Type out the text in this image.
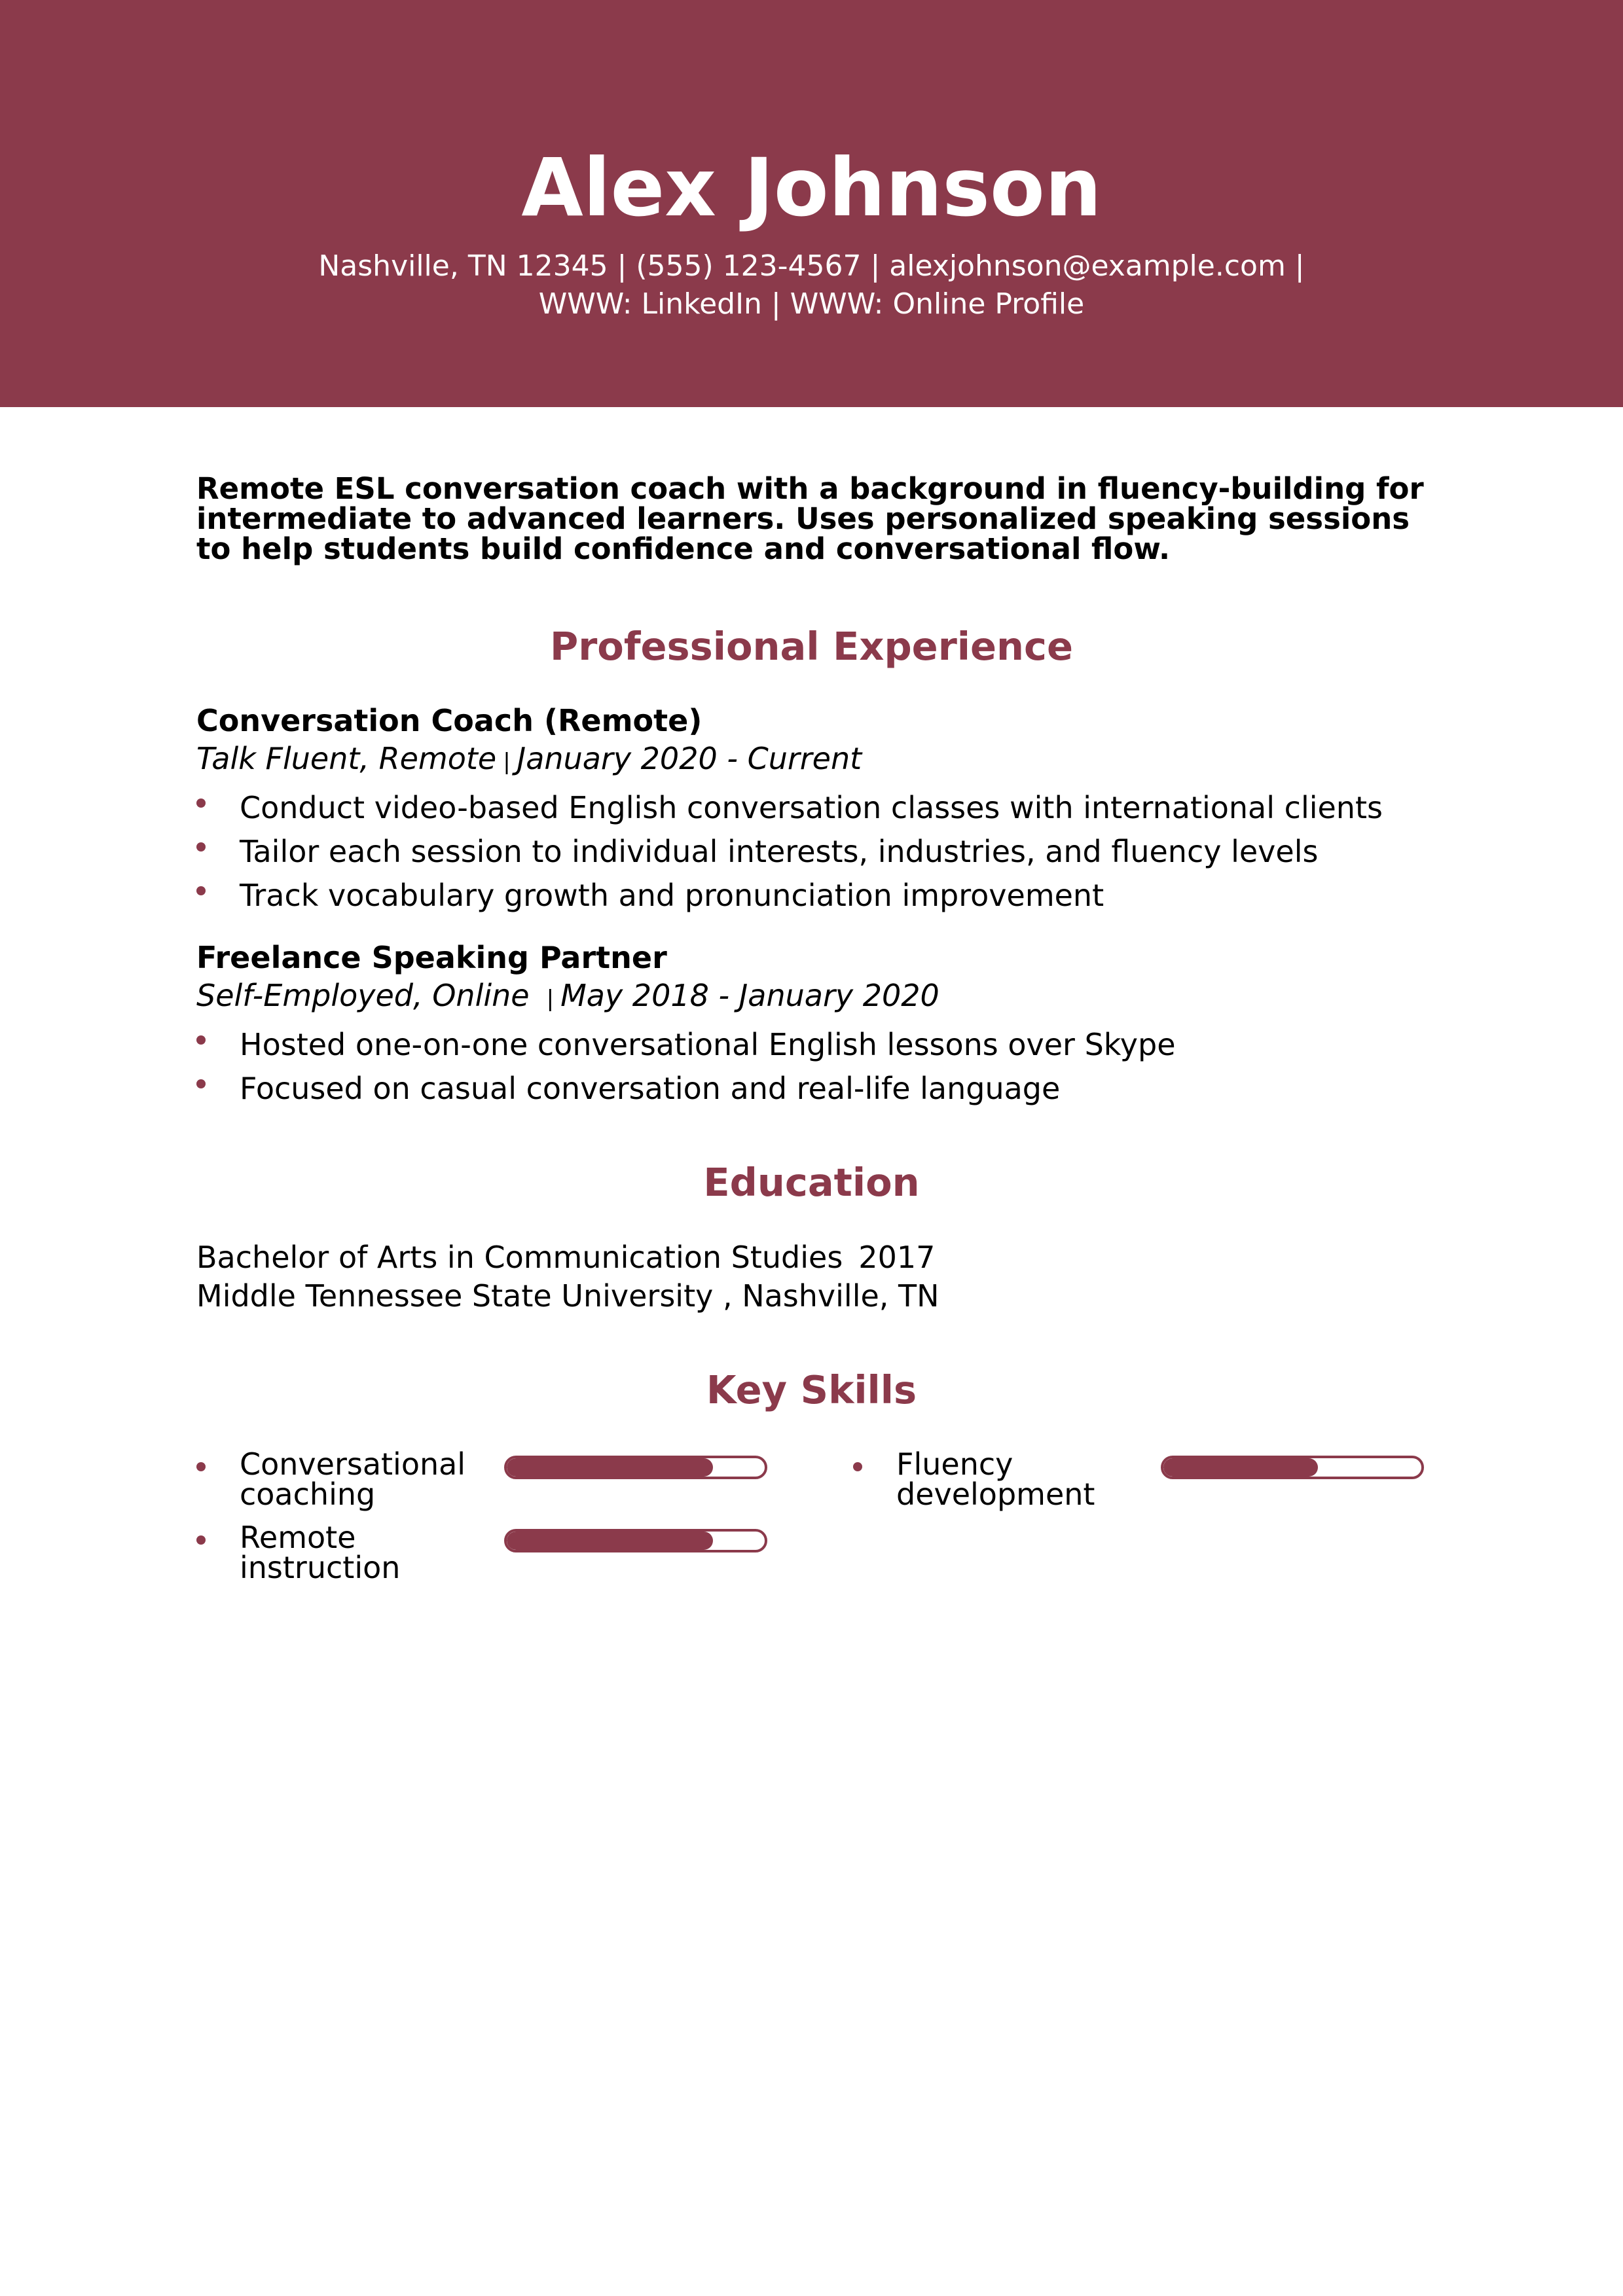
Alex Johnson
Nashville, TN 12345 | (555) 123-4567 | alexjohnson@example.com |
WWW: LinkedIn | WWW: Online Profile
Remote ESL conversation coach with a background in fluency-building for intermediate to advanced learners. Uses personalized speaking sessions to help students build confidence and conversational flow.
Professional Experience
Conversation Coach (Remote)
Talk Fluent, Remote | January 2020 - Current
Conduct video-based English conversation classes with international clients
Tailor each session to individual interests, industries, and fluency levels
Track vocabulary growth and pronunciation improvement
Freelance Speaking Partner
Self-Employed, Online | May 2018 - January 2020
Hosted one-on-one conversational English lessons over Skype
Focused on casual conversation and real-life language
Education
Bachelor of Arts in Communication Studies 2017
Middle Tennessee State University , Nashville, TN
Key Skills
Conversational coaching
Fluency development
Remote instruction
